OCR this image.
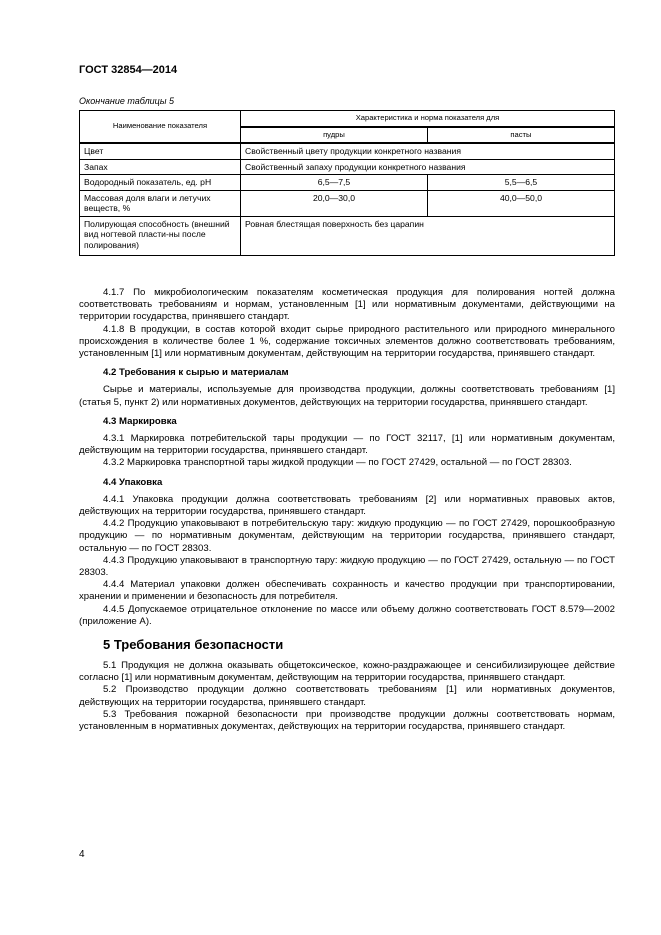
ГОСТ 32854—2014
Окончание таблицы 5
Наименование показателя	Характеристика и норма показателя для	
	пудры	пасты
Цвет	Свойственный цвету продукции конкретного названия	
Запах	Свойственный запаху продукции конкретного названия	
Водородный показатель, ед. pH	6,5—7,5	5,5—6,5
Массовая доля влаги и летучих веществ, %	20,0—30,0	40,0—50,0
Полирующая способность (внешний вид ногтевой пласти-ны после полирования)	Ровная блестящая поверхность без царапин	

4.1.7 По микробиологическим показателям косметическая продукция для полирования ногтей должна соответствовать требованиям и нормам, установленным [1] или нормативным документами, действующими на территории государства, принявшего стандарт.

4.1.8 В продукции, в состав которой входит сырье природного растительного или природного минерального происхождения в количестве более 1 %, содержание токсичных элементов должно соответствовать требованиям, установленным [1] или нормативным документам, действующим на территории государства, принявшего стандарт.

4.2 Требования к сырью и материалам

Сырье и материалы, используемые для производства продукции, должны соответствовать требованиям [1] (статья 5, пункт 2) или нормативных документов, действующих на территории государства, принявшего стандарт.

4.3 Маркировка

4.3.1 Маркировка потребительской тары продукции — по ГОСТ 32117, [1] или нормативным документам, действующим на территории государства, принявшего стандарт.

4.3.2 Маркировка транспортной тары жидкой продукции — по ГОСТ 27429, остальной — по ГОСТ 28303.

4.4 Упаковка

4.4.1 Упаковка продукции должна соответствовать требованиям [2] или нормативных правовых актов, действующих на территории государства, принявшего стандарт.

4.4.2 Продукцию упаковывают в потребительскую тару: жидкую продукцию — по ГОСТ 27429, порошкообразную продукцию — по нормативным документам, действующим на территории государства, принявшего стандарт, остальную — по ГОСТ 28303.

4.4.3 Продукцию упаковывают в транспортную тару: жидкую продукцию — по ГОСТ 27429, остальную — по ГОСТ 28303.

4.4.4 Материал упаковки должен обеспечивать сохранность и качество продукции при транспортировании, хранении и применении и безопасность для потребителя.

4.4.5 Допускаемое отрицательное отклонение по массе или объему должно соответствовать ГОСТ 8.579—2002 (приложение А).

5 Требования безопасности

5.1 Продукция не должна оказывать общетоксическое, кожно-раздражающее и сенсибилизирующее действие согласно [1] или нормативным документам, действующим на территории государства, принявшего стандарт.

5.2 Производство продукции должно соответствовать требованиям [1] или нормативных документов, действующих на территории государства, принявшего стандарт.

5.3 Требования пожарной безопасности при производстве продукции должны соответствовать нормам, установленным в нормативных документах, действующих на территории государства, принявшего стандарт.

4
